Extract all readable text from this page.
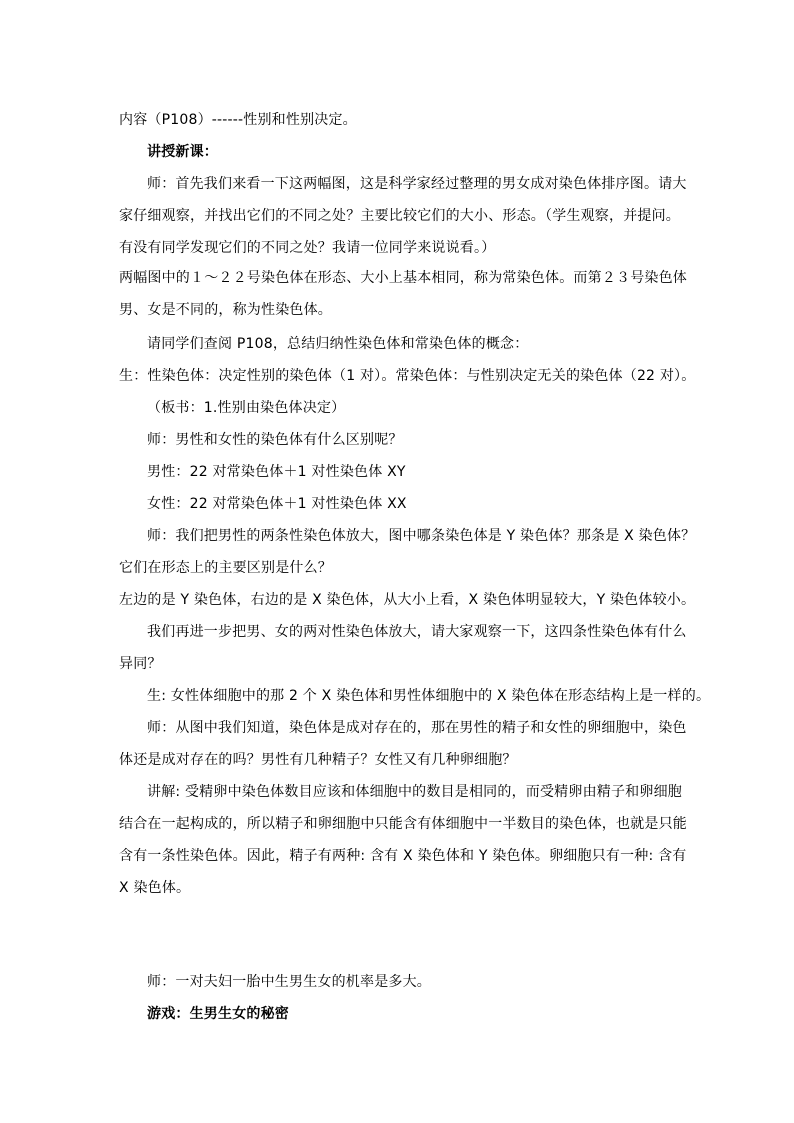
内容（P108）------性别和性别决定。
讲授新课：
师：首先我们来看一下这两幅图，这是科学家经过整理的男女成对染色体排序图。请大
家仔细观察，并找出它们的不同之处？主要比较它们的大小、形态。（学生观察，并提问。
有没有同学发现它们的不同之处？我请一位同学来说说看。）
两幅图中的１～２２号染色体在形态、大小上基本相同，称为常染色体。而第２３号染色体
男、女是不同的，称为性染色体。
请同学们查阅 P108，总结归纳性染色体和常染色体的概念：
生：性染色体：决定性别的染色体（1 对）。常染色体：与性别决定无关的染色体（22 对）。
（板书：1.性别由染色体决定）
师：男性和女性的染色体有什么区别呢？
男性：22 对常染色体＋1 对性染色体 XY
女性：22 对常染色体＋1 对性染色体 XX
师：我们把男性的两条性染色体放大，图中哪条染色体是 Y 染色体？那条是 X 染色体？
它们在形态上的主要区别是什么？
左边的是 Y 染色体，右边的是 X 染色体，从大小上看，X 染色体明显较大，Y 染色体较小。
我们再进一步把男、女的两对性染色体放大，请大家观察一下，这四条性染色体有什么
异同？
生: 女性体细胞中的那 2 个 X 染色体和男性体细胞中的 X 染色体在形态结构上是一样的。
师：从图中我们知道，染色体是成对存在的，那在男性的精子和女性的卵细胞中，染色
体还是成对存在的吗？男性有几种精子？女性又有几种卵细胞？
讲解: 受精卵中染色体数目应该和体细胞中的数目是相同的，而受精卵由精子和卵细胞
结合在一起构成的，所以精子和卵细胞中只能含有体细胞中一半数目的染色体，也就是只能
含有一条性染色体。因此，精子有两种: 含有 X 染色体和 Y 染色体。卵细胞只有一种: 含有
X 染色体。
师：一对夫妇一胎中生男生女的机率是多大。
游戏：生男生女的秘密
